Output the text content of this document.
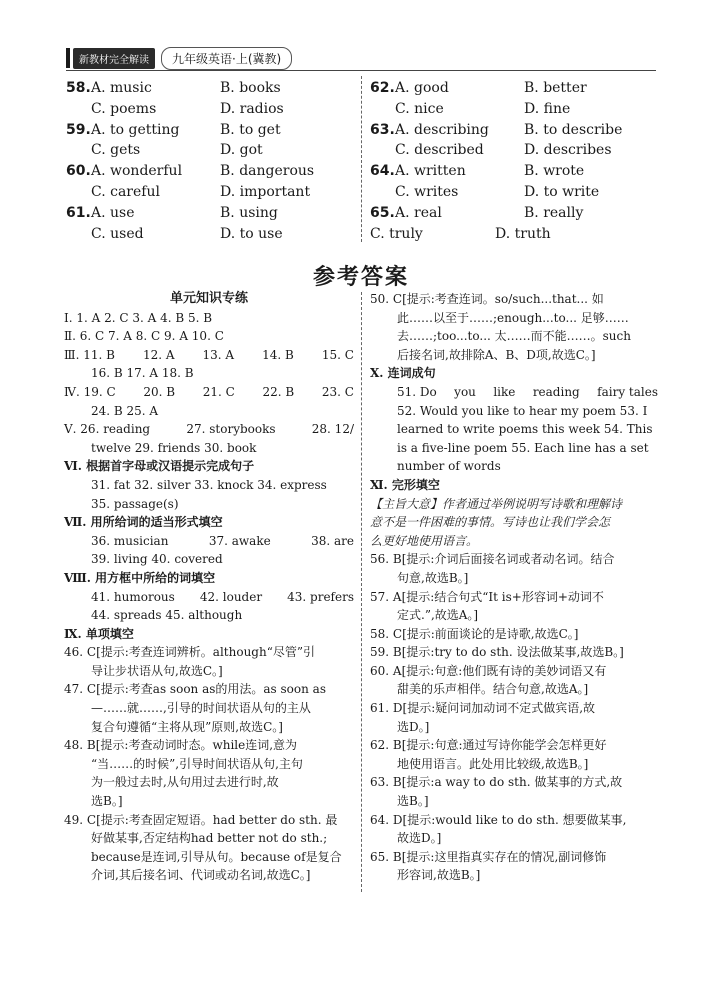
新教材完全解读	九年级英语·上(冀教)
58. A. music	B. books
C. poems	D. radios
59. A. to getting	B. to get
C. gets	D. got
60. A. wonderful	B. dangerous
C. careful	D. important
61. A. use	B. using
C. used	D. to use
62. A. good	B. better
C. nice	D. fine
63. A. describing	B. to describe
C. described	D. describes
64. A. written	B. wrote
C. writes	D. to write
65. A. real	B. really
C. truly	D. truth
参考答案
单元知识专练
Ⅰ. 1. A 2. C 3. A 4. B 5. B
Ⅱ. 6. C 7. A 8. C 9. A 10. C
Ⅲ. 11. B 12. A 13. A 14. B 15. C
16. B 17. A 18. B
Ⅳ. 19. C 20. B 21. C 22. B 23. C
24. B 25. A
Ⅴ. 26. reading	27. storybooks	28. 12/
twelve 29. friends 30. book
Ⅵ. 根据首字母或汉语提示完成句子
31. fat 32. silver 33. knock 34. express
35. passage(s)
Ⅶ. 用所给词的适当形式填空
36. musician	37. awake	38. are
39. living 40. covered
Ⅷ. 用方框中所给的词填空
41. humorous 42. louder 43. prefers
44. spreads 45. although
Ⅸ. 单项填空
46. C[提示:考查连词辨析。although“尽管”引
导让步状语从句,故选C。]
47. C[提示:考查as soon as的用法。as soon as
—……就……,引导的时间状语从句的主从
复合句遵循“主将从现”原则,故选C。]
48. B[提示:考查动词时态。while连词,意为
“当……的时候”,引导时间状语从句,主句
为一般过去时,从句用过去进行时,故
选B。]
49. C[提示:考查固定短语。had better do sth. 最
好做某事,否定结构had better not do sth.;
because是连词,引导从句。because of是复合
介词,其后接名词、代词或动名词,故选C。]
50. C[提示:考查连词。so/such...that... 如
此……以至于……;enough...to... 足够……
去……;too...to... 太……而不能……。such
后接名词,故排除A、B、D项,故选C。]
Ⅹ. 连词成句
51. Do you like reading fairy tales
52. Would you like to hear my poem 53. I
learned to write poems this week 54. This
is a five-line poem 55. Each line has a set
number of words
Ⅺ. 完形填空
【主旨大意】作者通过举例说明写诗歌和理解诗
意不是一件困难的事情。写诗也让我们学会怎
么更好地使用语言。
56. B[提示:介词后面接名词或者动名词。结合
句意,故选B。]
57. A[提示:结合句式“It is+形容词+动词不
定式.”,故选A。]
58. C[提示:前面谈论的是诗歌,故选C。]
59. B[提示:try to do sth. 设法做某事,故选B。]
60. A[提示:句意:他们既有诗的美妙词语又有
甜美的乐声相伴。结合句意,故选A。]
61. D[提示:疑问词加动词不定式做宾语,故
选D。]
62. B[提示:句意:通过写诗你能学会怎样更好
地使用语言。此处用比较级,故选B。]
63. B[提示:a way to do sth. 做某事的方式,故
选B。]
64. D[提示:would like to do sth. 想要做某事,
故选D。]
65. B[提示:这里指真实存在的情况,副词修饰
形容词,故选B。]
